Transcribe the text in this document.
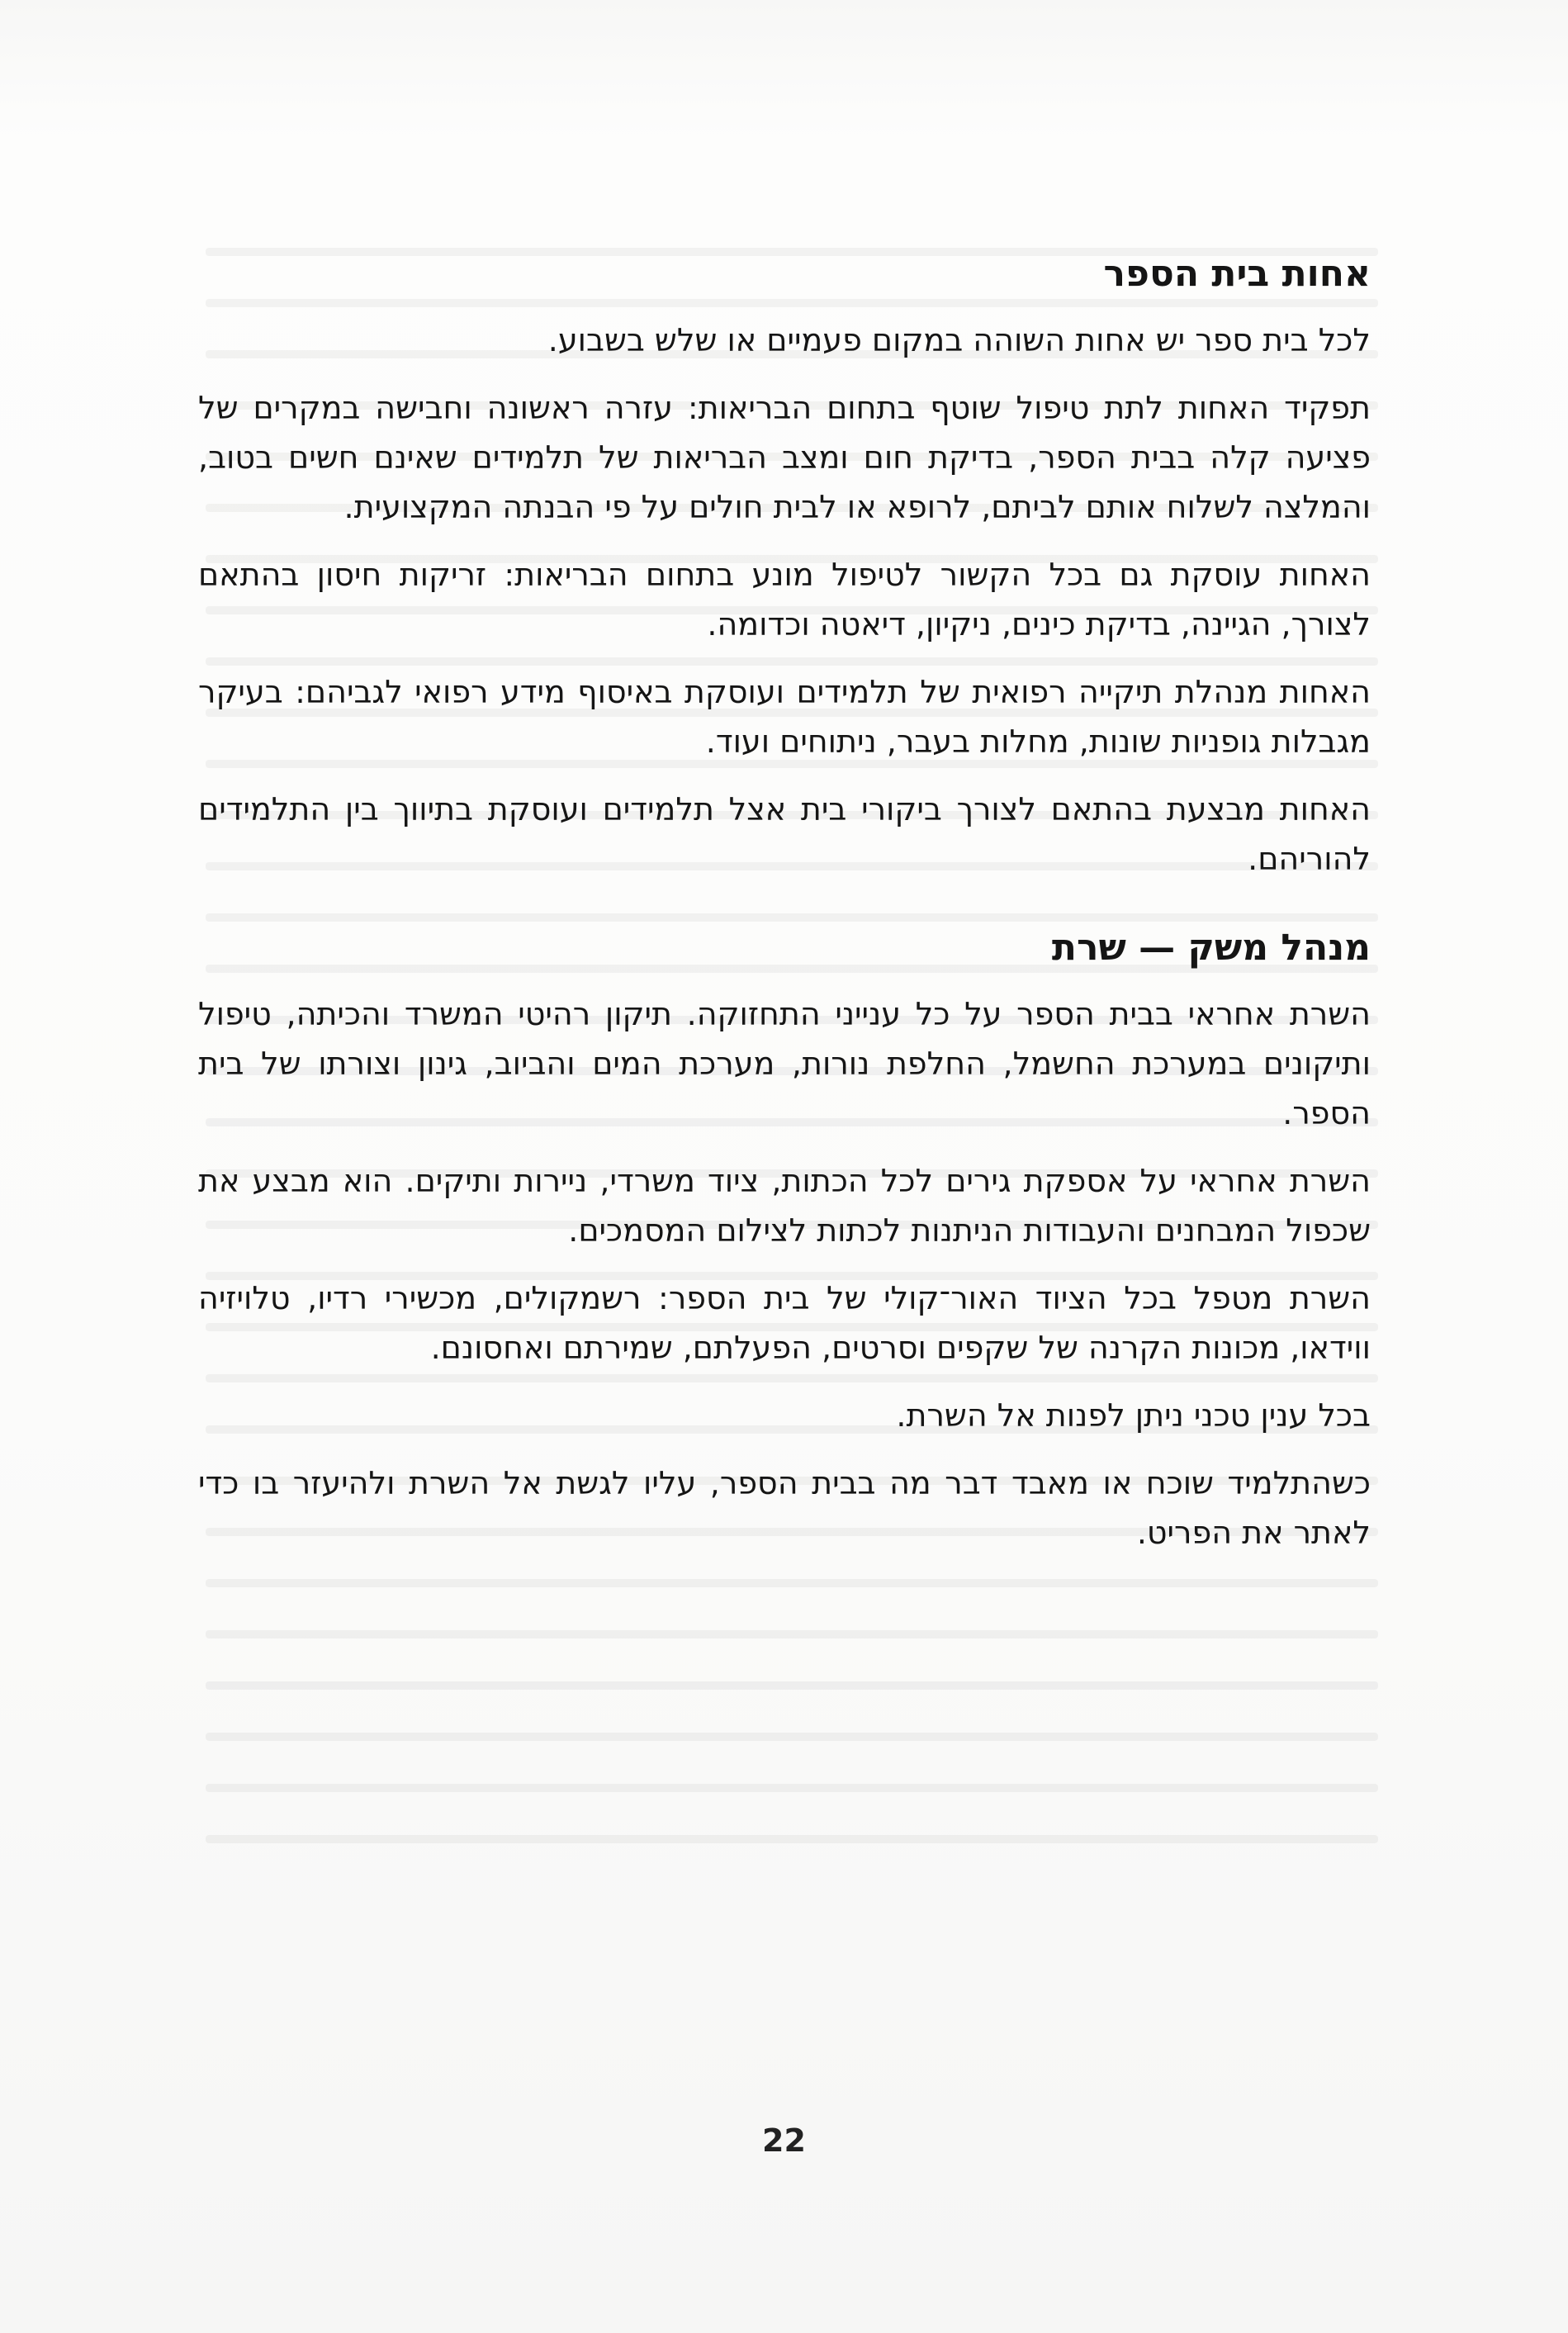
אחות בית הספר

לכל בית ספר יש אחות השוהה במקום פעמיים או שלש בשבוע.

תפקיד האחות לתת טיפול שוטף בתחום הבריאות: עזרה ראשונה וחבישה במקרים של פציעה קלה בבית הספר, בדיקת חום ומצב הבריאות של תלמידים שאינם חשים בטוב, והמלצה לשלוח אותם לביתם, לרופא או לבית חולים על פי הבנתה המקצועית.

האחות עוסקת גם בכל הקשור לטיפול מונע בתחום הבריאות: זריקות חיסון בהתאם לצורך, הגיינה, בדיקת כינים, ניקיון, דיאטה וכדומה.

האחות מנהלת תיקייה רפואית של תלמידים ועוסקת באיסוף מידע רפואי לגביהם: בעיקר מגבלות גופניות שונות, מחלות בעבר, ניתוחים ועוד.

האחות מבצעת בהתאם לצורך ביקורי בית אצל תלמידים ועוסקת בתיווך בין התלמידים להוריהם.

מנהל משק — שרת

השרת אחראי בבית הספר על כל ענייני התחזוקה. תיקון רהיטי המשרד והכיתה, טיפול ותיקונים במערכת החשמל, החלפת נורות, מערכת המים והביוב, גינון וצורתו של בית הספר.

השרת אחראי על אספקת גירים לכל הכתות, ציוד משרדי, ניירות ותיקים. הוא מבצע את שכפול המבחנים והעבודות הניתנות לכתות לצילום המסמכים.

השרת מטפל בכל הציוד האור־קולי של בית הספר: רשמקולים, מכשירי רדיו, טלויזיה ווידאו, מכונות הקרנה של שקפים וסרטים, הפעלתם, שמירתם ואחסונם.

בכל ענין טכני ניתן לפנות אל השרת.

כשהתלמיד שוכח או מאבד דבר מה בבית הספר, עליו לגשת אל השרת ולהיעזר בו כדי לאתר את הפריט.

22
